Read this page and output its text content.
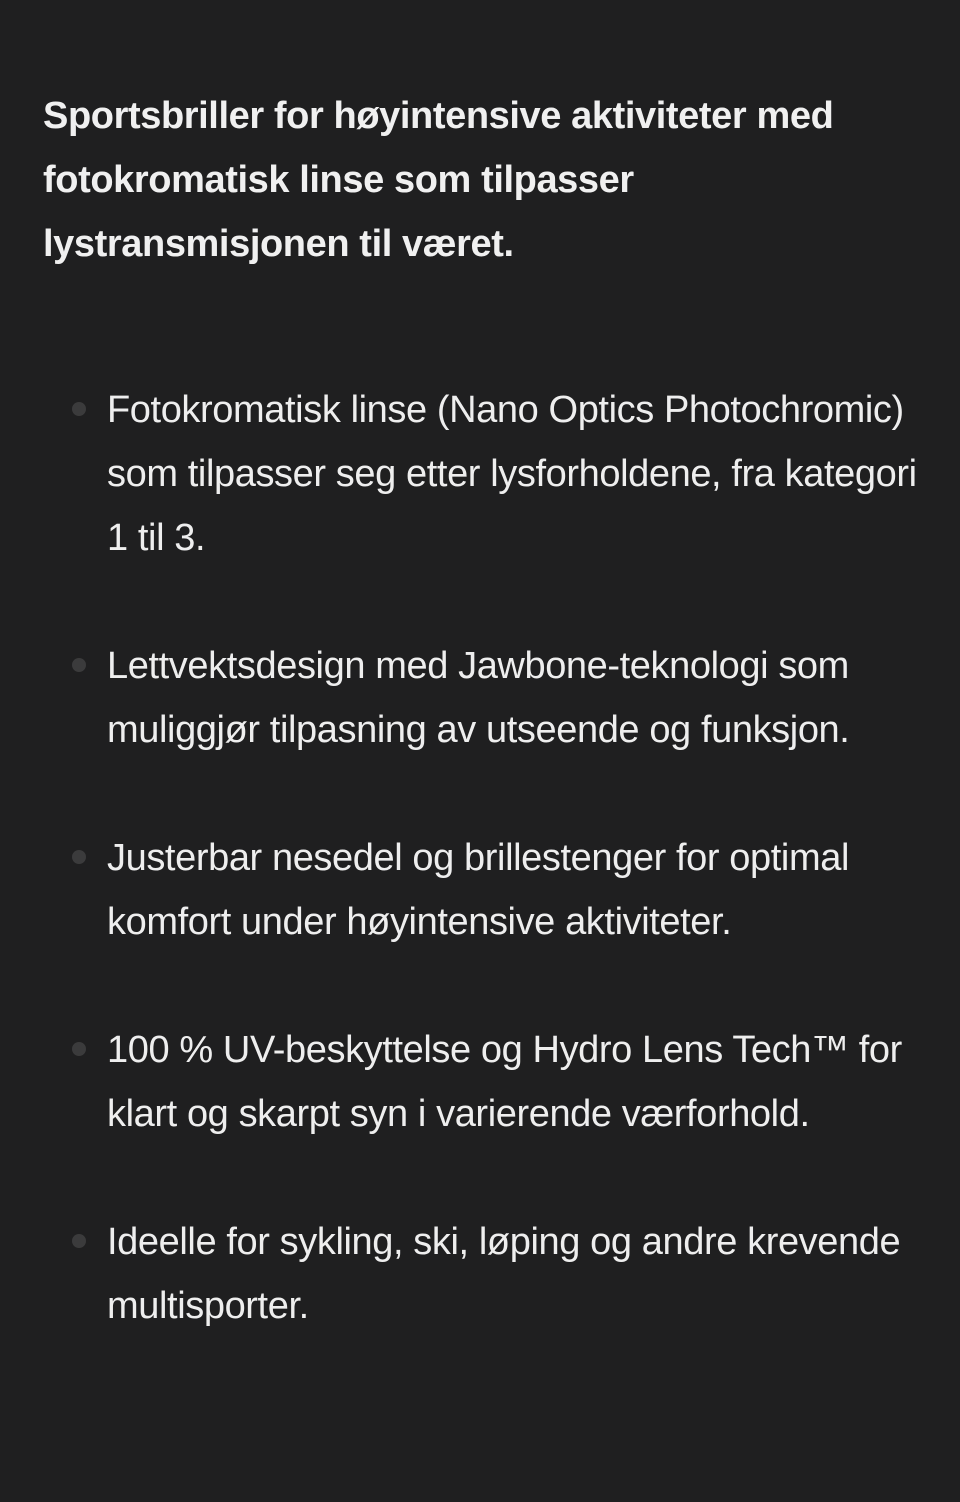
Sportsbriller for høyintensive aktiviteter med fotokromatisk linse som tilpasser lystransmisjonen til været.

Fotokromatisk linse (Nano Optics Photochromic) som tilpasser seg etter lysforholdene, fra kategori 1 til 3.
Lettvektsdesign med Jawbone-teknologi som muliggjør tilpasning av utseende og funksjon.
Justerbar nesedel og brillestenger for optimal komfort under høyintensive aktiviteter.
100 % UV-beskyttelse og Hydro Lens Tech™ for klart og skarpt syn i varierende værforhold.
Ideelle for sykling, ski, løping og andre krevende multisporter.
